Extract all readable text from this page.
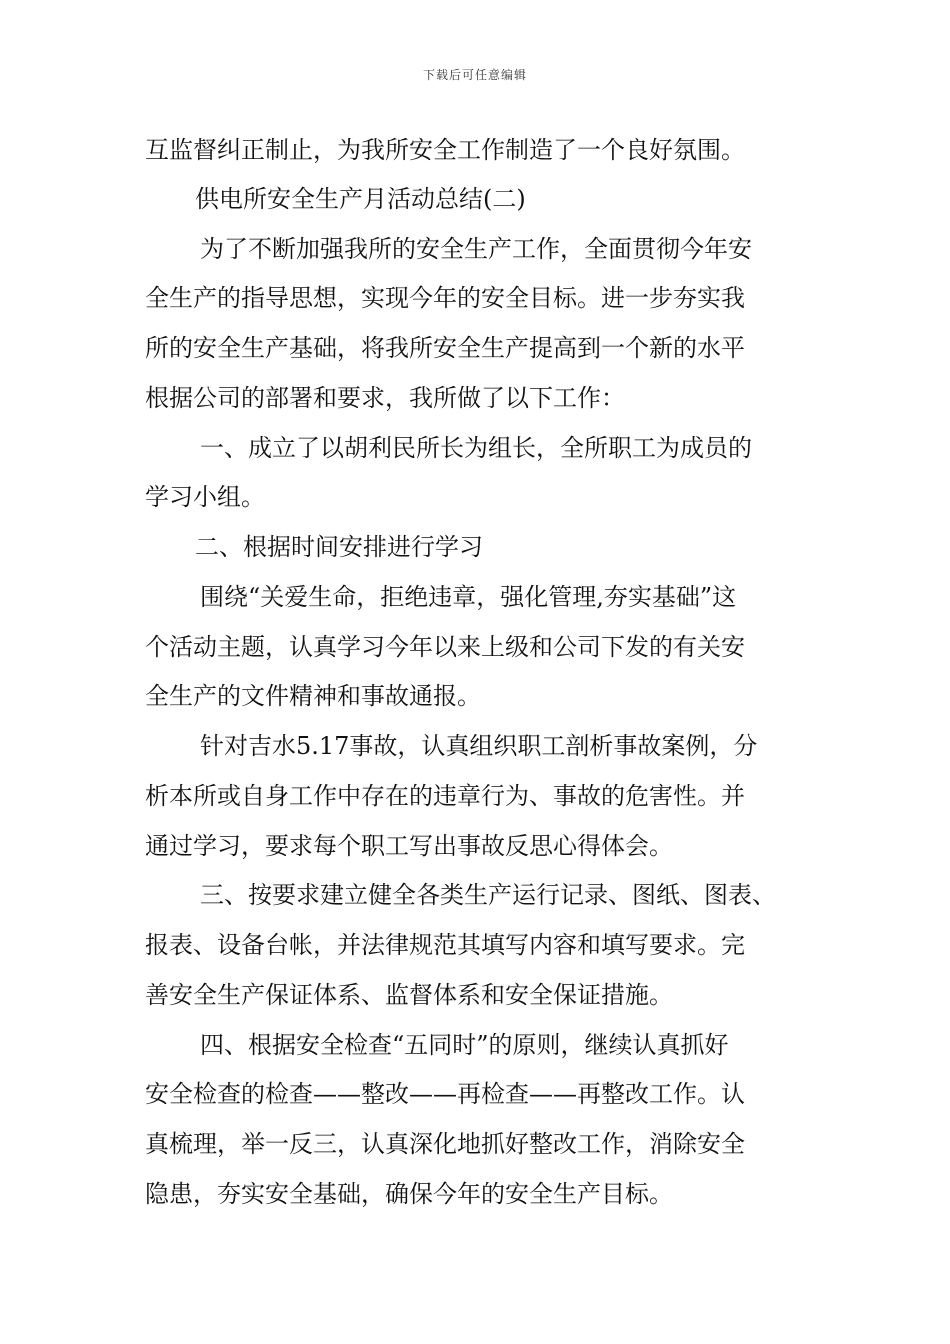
下载后可任意编辑
互监督纠正制止，为我所安全工作制造了一个良好氛围。
供电所安全生产月活动总结(二)
为了不断加强我所的安全生产工作，全面贯彻今年安
全生产的指导思想，实现今年的安全目标。进一步夯实我
所的安全生产基础，将我所安全生产提高到一个新的水平
根据公司的部署和要求，我所做了以下工作：
一、成立了以胡利民所长为组长，全所职工为成员的
学习小组。
二、根据时间安排进行学习
围绕“关爱生命，拒绝违章，强化管理,夯实基础”这
个活动主题，认真学习今年以来上级和公司下发的有关安
全生产的文件精神和事故通报。
针对吉水5.17事故，认真组织职工剖析事故案例，分
析本所或自身工作中存在的违章行为、事故的危害性。并
通过学习，要求每个职工写出事故反思心得体会。
三、按要求建立健全各类生产运行记录、图纸、图表、
报表、设备台帐，并法律规范其填写内容和填写要求。完
善安全生产保证体系、监督体系和安全保证措施。
四、根据安全检查“五同时”的原则，继续认真抓好
安全检查的检查——整改——再检查——再整改工作。认
真梳理，举一反三，认真深化地抓好整改工作，消除安全
隐患，夯实安全基础，确保今年的安全生产目标。
